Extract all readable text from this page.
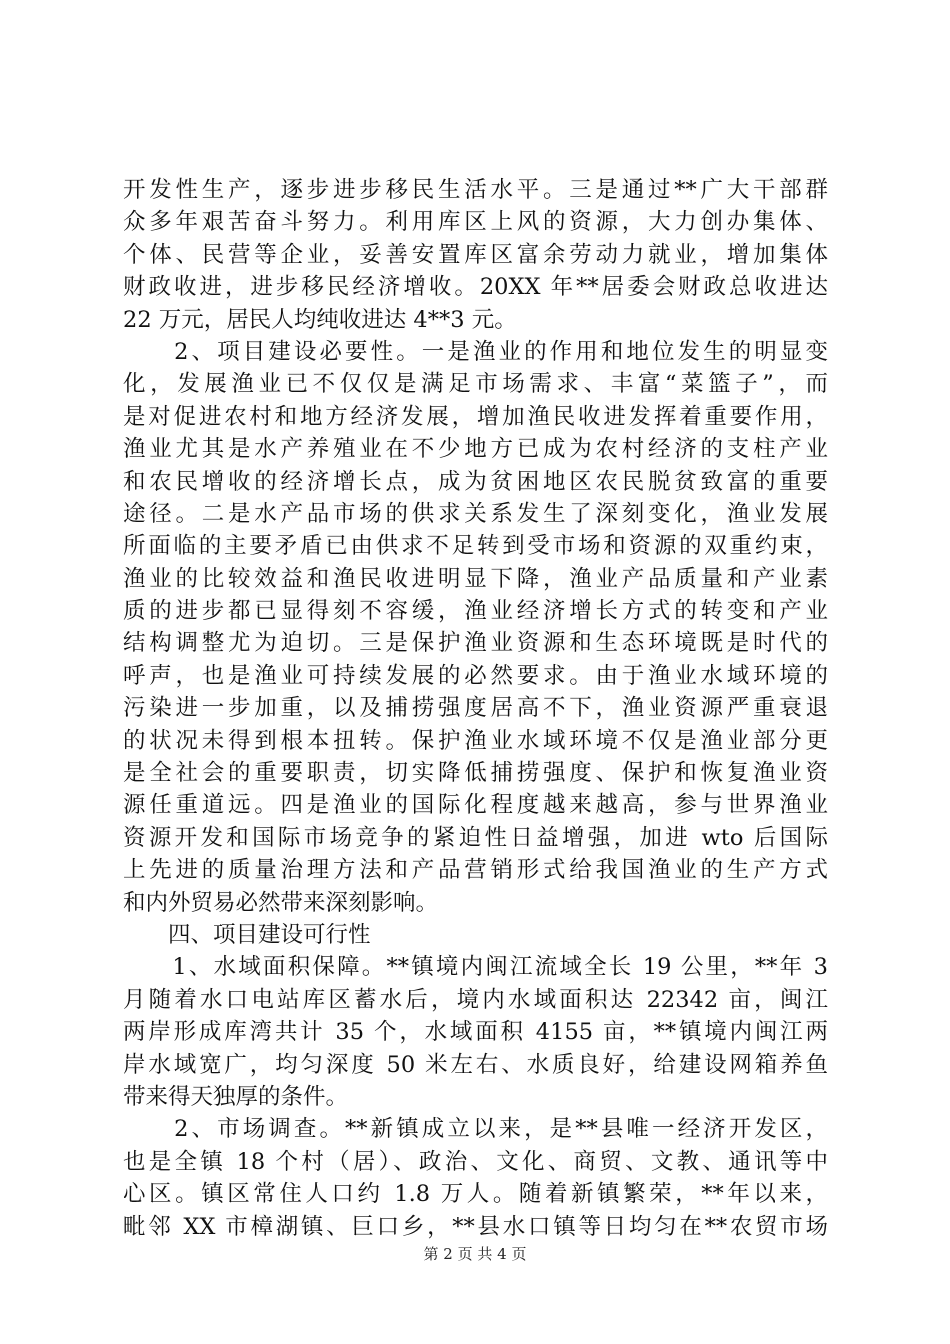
开发性生产，逐步进步移民生活水平。三是通过**广大干部群
众多年艰苦奋斗努力。利用库区上风的资源，大力创办集体、
个体、民营等企业，妥善安置库区富余劳动力就业，增加集体
财政收进，进步移民经济增收。20XX 年**居委会财政总收进达
22 万元，居民人均纯收进达 4**3 元。
　　2、项目建设必要性。一是渔业的作用和地位发生的明显变
化，发展渔业已不仅仅是满足市场需求、丰富“菜篮子”，而
是对促进农村和地方经济发展，增加渔民收进发挥着重要作用，
渔业尤其是水产养殖业在不少地方已成为农村经济的支柱产业
和农民增收的经济增长点，成为贫困地区农民脱贫致富的重要
途径。二是水产品市场的供求关系发生了深刻变化，渔业发展
所面临的主要矛盾已由供求不足转到受市场和资源的双重约束，
渔业的比较效益和渔民收进明显下降，渔业产品质量和产业素
质的进步都已显得刻不容缓，渔业经济增长方式的转变和产业
结构调整尤为迫切。三是保护渔业资源和生态环境既是时代的
呼声，也是渔业可持续发展的必然要求。由于渔业水域环境的
污染进一步加重，以及捕捞强度居高不下，渔业资源严重衰退
的状况未得到根本扭转。保护渔业水域环境不仅是渔业部分更
是全社会的重要职责，切实降低捕捞强度、保护和恢复渔业资
源任重道远。四是渔业的国际化程度越来越高，参与世界渔业
资源开发和国际市场竞争的紧迫性日益增强，加进 wto 后国际
上先进的质量治理方法和产品营销形式给我国渔业的生产方式
和内外贸易必然带来深刻影响。
　　四、项目建设可行性
　　1、水域面积保障。**镇境内闽江流域全长 19 公里，**年 3
月随着水口电站库区蓄水后，境内水域面积达 22342 亩，闽江
两岸形成库湾共计 35 个，水域面积 4155 亩，**镇境内闽江两
岸水域宽广，均匀深度 50 米左右、水质良好，给建设网箱养鱼
带来得天独厚的条件。
　　2、市场调查。**新镇成立以来，是**县唯一经济开发区，
也是全镇 18 个村（居）、政治、文化、商贸、文教、通讯等中
心区。镇区常住人口约 1.8 万人。随着新镇繁荣，**年以来，
毗邻 XX 市樟湖镇、巨口乡，**县水口镇等日均匀在**农贸市场
第 2 页 共 4 页
